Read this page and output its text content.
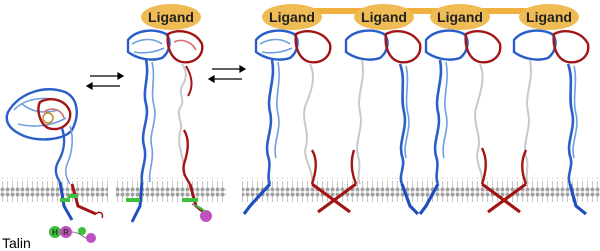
Ligand	Ligand	Ligand Ligand	Ligand
H R
Talin
